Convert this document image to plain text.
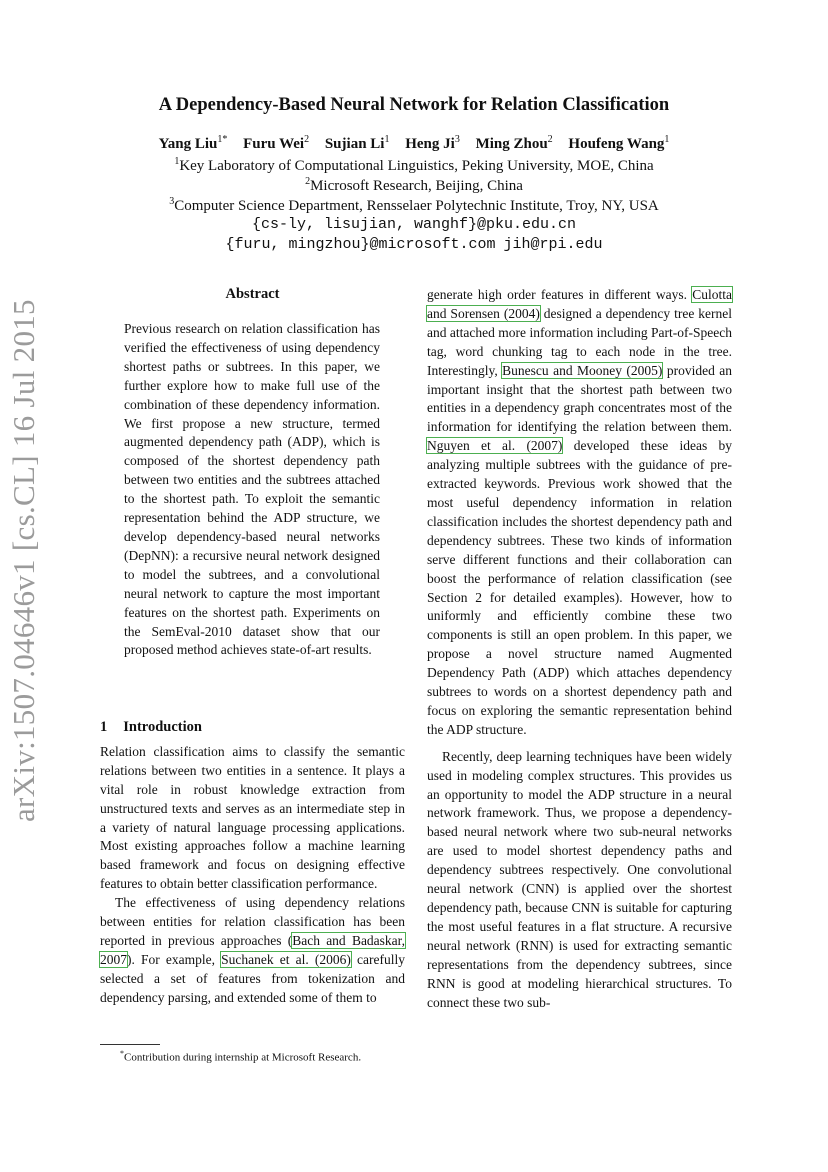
arXiv:1507.04646v1 [cs.CL] 16 Jul 2015
A Dependency-Based Neural Network for Relation Classification
Yang Liu$^{1*}$ Furu Wei$^2$ Sujian Li$^1$ Heng Ji$^3$ Ming Zhou$^2$ Houfeng Wang$^1$
$^1$Key Laboratory of Computational Linguistics, Peking University, MOE, China
$^2$Microsoft Research, Beijing, China
$^3$Computer Science Department, Rensselaer Polytechnic Institute, Troy, NY, USA
{cs-ly, lisujian, wanghf}@pku.edu.cn
{furu, mingzhou}@microsoft.com jih@rpi.edu
Abstract
Previous research on relation classification has verified the effectiveness of using dependency shortest paths or subtrees. In this paper, we further explore how to make full use of the combination of these dependency information. We first propose a new structure, termed augmented dependency path (ADP), which is composed of the shortest dependency path between two entities and the subtrees attached to the shortest path. To exploit the semantic representation behind the ADP structure, we develop dependency-based neural networks (DepNN): a recursive neural network designed to model the subtrees, and a convolutional neural network to capture the most important features on the shortest path. Experiments on the SemEval-2010 dataset show that our proposed method achieves state-of-art results.
1 Introduction

Relation classification aims to classify the semantic relations between two entities in a sentence. It plays a vital role in robust knowledge extraction from unstructured texts and serves as an intermediate step in a variety of natural language processing applications. Most existing approaches follow a machine learning based framework and focus on designing effective features to obtain better classification performance.

The effectiveness of using dependency relations between entities for relation classification has been reported in previous approaches (Bach and Badaskar, 2007). For example, Suchanek et al. (2006) carefully selected a set of features from tokenization and dependency parsing, and extended some of them to

*Contribution during internship at Microsoft Research.

generate high order features in different ways. Culotta and Sorensen (2004) designed a dependency tree kernel and attached more information including Part-of-Speech tag, word chunking tag to each node in the tree. Interestingly, Bunescu and Mooney (2005) provided an important insight that the shortest path between two entities in a dependency graph concentrates most of the information for identifying the relation between them. Nguyen et al. (2007) developed these ideas by analyzing multiple subtrees with the guidance of pre-extracted keywords. Previous work showed that the most useful dependency information in relation classification includes the shortest dependency path and dependency subtrees. These two kinds of information serve different functions and their collaboration can boost the performance of relation classification (see Section 2 for detailed examples). However, how to uniformly and efficiently combine these two components is still an open problem. In this paper, we propose a novel structure named Augmented Dependency Path (ADP) which attaches dependency subtrees to words on a shortest dependency path and focus on exploring the semantic representation behind the ADP structure.

Recently, deep learning techniques have been widely used in modeling complex structures. This provides us an opportunity to model the ADP structure in a neural network framework. Thus, we propose a dependency-based neural network where two sub-neural networks are used to model shortest dependency paths and dependency subtrees respectively. One convolutional neural network (CNN) is applied over the shortest dependency path, because CNN is suitable for capturing the most useful features in a flat structure. A recursive neural network (RNN) is used for extracting semantic representations from the dependency subtrees, since RNN is good at modeling hierarchical structures. To connect these two sub-
